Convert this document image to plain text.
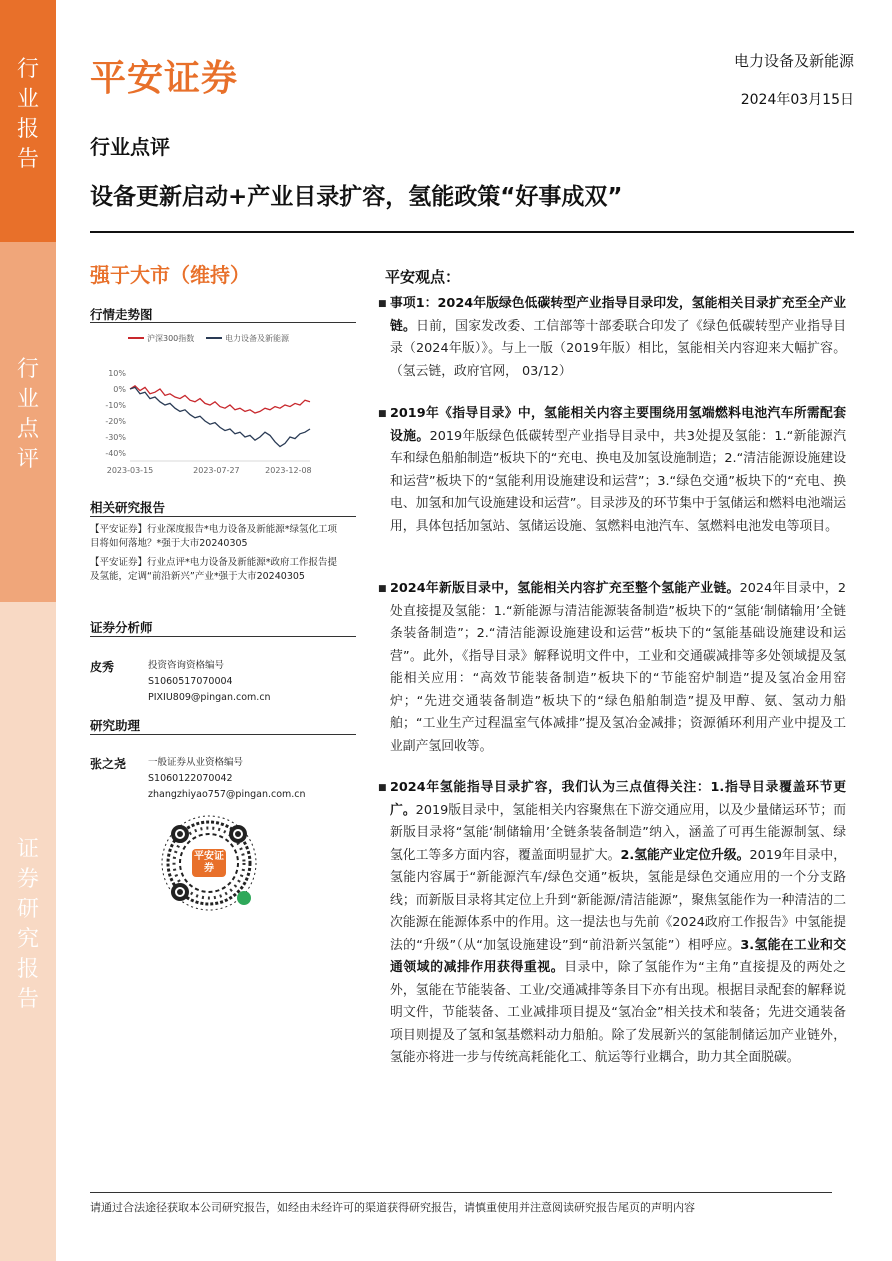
行业报告
行业点评
证券研究报告
平安证券	电力设备及新能源
2024年03月15日
行业点评
设备更新启动+产业目录扩容，氢能政策“好事成双”
强于大市（维持）
行情走势图
沪深300指数	电力设备及新能源
10%
0%
-10%
-20%
-30%
-40%
2023-03-15	2023-07-27	2023-12-08
相关研究报告
【平安证券】行业深度报告*电力设备及新能源*绿氢化工项目将如何落地？*强于大市20240305
【平安证券】行业点评*电力设备及新能源*政府工作报告提及氢能，定调“前沿新兴”产业*强于大市20240305
证券分析师
皮秀	投资咨询资格编号
S1060517070004
PIXIU809@pingan.com.cn
研究助理
张之尧 一般证券从业资格编号
S1060122070042
zhangzhiyao757@pingan.com.cn
平安证券
平安观点：
■ 事项1：2024年版绿色低碳转型产业指导目录印发，氢能相关目录扩充至全产业链。日前，国家发改委、工信部等十部委联合印发了《绿色低碳转型产业指导目录（2024年版）》。与上一版（2019年版）相比，氢能相关内容迎来大幅扩容。（氢云链，政府官网， 03/12）
■ 2019年《指导目录》中，氢能相关内容主要围绕用氢端燃料电池汽车所需配套设施。2019年版绿色低碳转型产业指导目录中，共3处提及氢能：1.“新能源汽车和绿色船舶制造”板块下的“充电、换电及加氢设施制造；2.“清洁能源设施建设和运营”板块下的“氢能利用设施建设和运营”；3.“绿色交通”板块下的“充电、换电、加氢和加气设施建设和运营”。目录涉及的环节集中于氢储运和燃料电池端运用，具体包括加氢站、氢储运设施、氢燃料电池汽车、氢燃料电池发电等项目。
■ 2024年新版目录中，氢能相关内容扩充至整个氢能产业链。2024年目录中，2处直接提及氢能：1.“新能源与清洁能源装备制造”板块下的“氢能‘制储输用’全链条装备制造”；2.“清洁能源设施建设和运营”板块下的“氢能基础设施建设和运营”。此外，《指导目录》解释说明文件中，工业和交通碳减排等多处领域提及氢能相关应用：“高效节能装备制造”板块下的“节能窑炉制造”提及氢冶金用窑炉；“先进交通装备制造”板块下的“绿色船舶制造”提及甲醇、氨、氢动力船舶；“工业生产过程温室气体减排”提及氢冶金减排；资源循环利用产业中提及工业副产氢回收等。
■ 2024年氢能指导目录扩容，我们认为三点值得关注：1.指导目录覆盖环节更广。2019版目录中，氢能相关内容聚焦在下游交通应用，以及少量储运环节；而新版目录将“氢能‘制储输用’全链条装备制造”纳入，涵盖了可再生能源制氢、绿氢化工等多方面内容，覆盖面明显扩大。2.氢能产业定位升级。2019年目录中，氢能内容属于“新能源汽车/绿色交通”板块，氢能是绿色交通应用的一个分支路线；而新版目录将其定位上升到“新能源/清洁能源”，聚焦氢能作为一种清洁的二次能源在能源体系中的作用。这一提法也与先前《2024政府工作报告》中氢能提法的“升级”（从“加氢设施建设”到“前沿新兴氢能”）相呼应。3.氢能在工业和交通领域的减排作用获得重视。目录中，除了氢能作为“主角”直接提及的两处之外，氢能在节能装备、工业/交通减排等条目下亦有出现。根据目录配套的解释说明文件，节能装备、工业减排项目提及“氢冶金”相关技术和装备；先进交通装备项目则提及了氢和氢基燃料动力船舶。除了发展新兴的氢能制储运加产业链外，氢能亦将进一步与传统高耗能化工、航运等行业耦合，助力其全面脱碳。
请通过合法途径获取本公司研究报告，如经由未经许可的渠道获得研究报告，请慎重使用并注意阅读研究报告尾页的声明内容
